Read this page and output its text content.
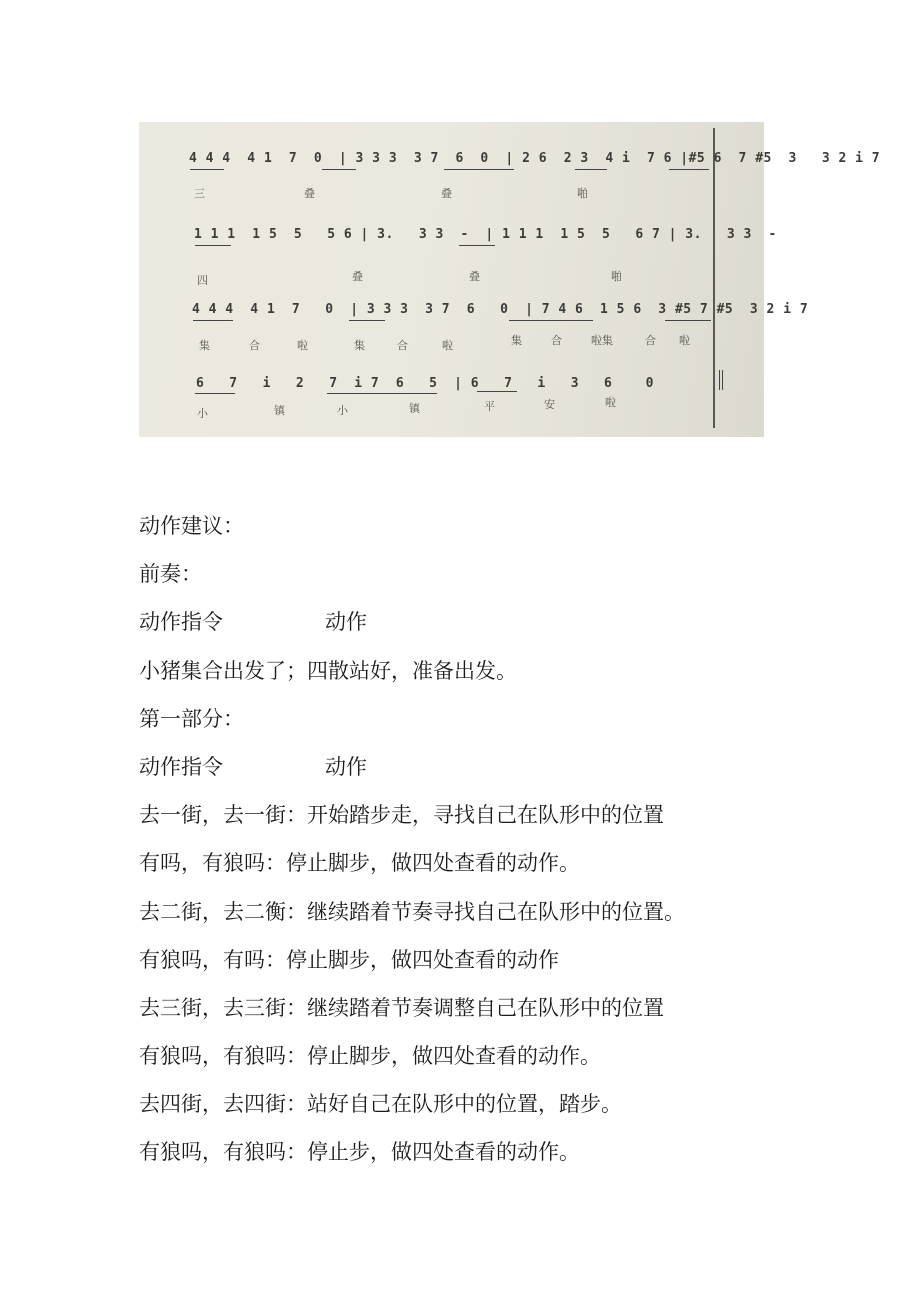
4 4 4  4 1  7  0  | 3 3 3  3 7  6  0  | 2 6  2 3  4 i  7 6 |#5 6  7 #5  3   3 2 i 7
三	叠	叠	啪
1 1 1  1 5  5   5 6 | 3.   3 3  -  | 1 1 1  1 5  5   6 7 | 3.   3 3  -
四	叠	叠	啪
4 4 4  4 1  7   0  | 3 3 3  3 7  6   0  | 7 4 6  1 5 6  3 #5 7 #5  3 2 i 7
集	合	啦	集	合	啦	集	合	啦集	合 啦
6   7   i   2   7  i 7  6   5  | 6   7   i   3   6    0
小	镇	小	镇	平	安	啦

动作建议：

前奏：

动作指令	动作

小猪集合出发了；四散站好，准备出发。

第一部分：

动作指令	动作

去一街，去一街：开始踏步走，寻找自己在队形中的位置

有吗，有狼吗：停止脚步，做四处查看的动作。

去二街，去二衡：继续踏着节奏寻找自己在队形中的位置。

有狼吗，有吗：停止脚步，做四处查看的动作

去三街，去三街：继续踏着节奏调整自己在队形中的位置

有狼吗，有狼吗：停止脚步，做四处查看的动作。

去四街，去四街：站好自己在队形中的位置，踏步。

有狼吗，有狼吗：停止步，做四处查看的动作。
